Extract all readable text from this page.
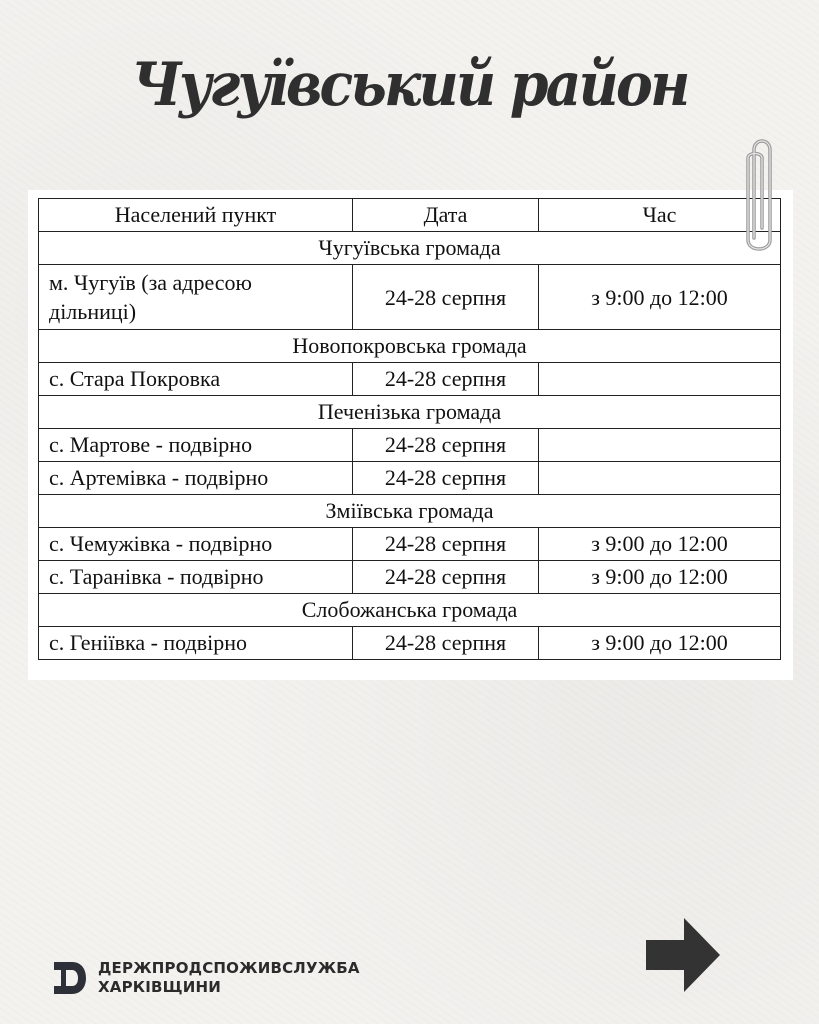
Чугуївський район
Населений пункт	Дата	Час
Чугуївська громада		
м. Чугуїв (за адресою дільниці)	24-28 серпня	з 9:00 до 12:00
Новопокровська громада		
с. Стара Покровка	24-28 серпня	
Печенізька громада		
с. Мартове - подвірно	24-28 серпня	
с. Артемівка - подвірно	24-28 серпня	
Зміївська громада		
с. Чемужівка - подвірно	24-28 серпня	з 9:00 до 12:00
с. Таранівка - подвірно	24-28 серпня	з 9:00 до 12:00
Слобожанська громада		
с. Геніївка - подвірно	24-28 серпня	з 9:00 до 12:00
ДЕРЖПРОДСПОЖИВСЛУЖБА
ХАРКІВЩИНИ
